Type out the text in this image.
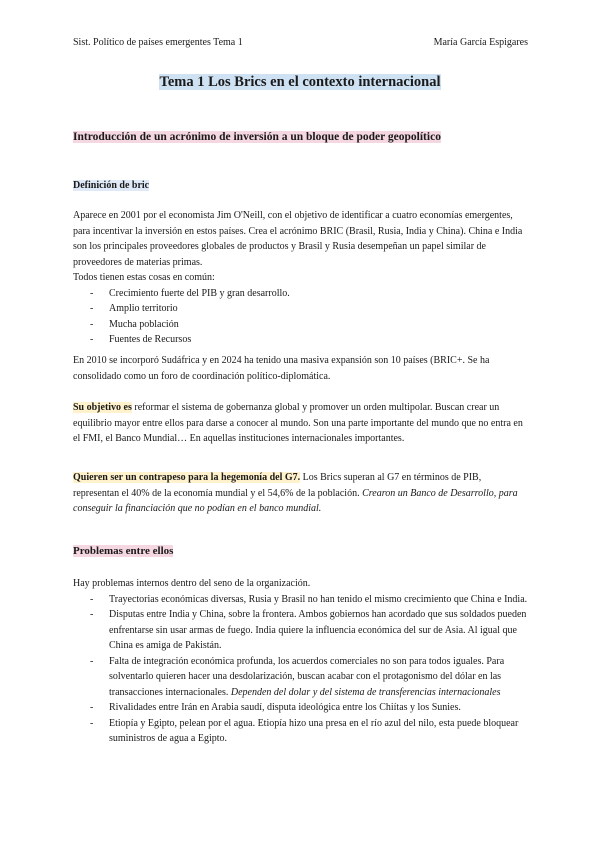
Sist. Político de países emergentes Tema 1	María García Espigares
Tema 1 Los Brics en el contexto internacional
Introducción de un acrónimo de inversión a un bloque de poder geopolítico
Definición de bric

Aparece en 2001 por el economista Jim O'Neill, con el objetivo de identificar a cuatro economías emergentes, para incentivar la inversión en estos países. Crea el acrónimo BRIC (Brasil, Rusia, India y China). China e India son los principales proveedores globales de productos y Brasil y Rusia desempeñan un papel similar de proveedores de materias primas.

Todos tienen estas cosas en común:

- Crecimiento fuerte del PIB y gran desarrollo.
- Amplio territorio
- Mucha población
- Fuentes de Recursos

En 2010 se incorporó Sudáfrica y en 2024 ha tenido una masiva expansión son 10 países (BRIC+. Se ha consolidado como un foro de coordinación político-diplomática.

Su objetivo es reformar el sistema de gobernanza global y promover un orden multipolar. Buscan crear un equilibrio mayor entre ellos para darse a conocer al mundo. Son una parte importante del mundo que no entra en el FMI, el Banco Mundial… En aquellas instituciones internacionales importantes.

Quieren ser un contrapeso para la hegemonía del G7. Los Brics superan al G7 en términos de PIB, representan el 40% de la economía mundial y el 54,6% de la población. Crearon un Banco de Desarrollo, para conseguir la financiación que no podían en el banco mundial.

Problemas entre ellos

Hay problemas internos dentro del seno de la organización.

- Trayectorias económicas diversas, Rusia y Brasil no han tenido el mismo crecimiento que China e India.
- Disputas entre India y China, sobre la frontera. Ambos gobiernos han acordado que sus soldados pueden enfrentarse sin usar armas de fuego. India quiere la influencia económica del sur de Asia. Al igual que China es amiga de Pakistán.
- Falta de integración económica profunda, los acuerdos comerciales no son para todos iguales. Para solventarlo quieren hacer una desdolarización, buscan acabar con el protagonismo del dólar en las transacciones internacionales. Dependen del dolar y del sistema de transferencias internacionales
- Rivalidades entre Irán en Arabia saudí, disputa ideológica entre los Chiítas y los Sunies.
- Etiopía y Egipto, pelean por el agua. Etiopía hizo una presa en el río azul del nilo, esta puede bloquear suministros de agua a Egipto.
